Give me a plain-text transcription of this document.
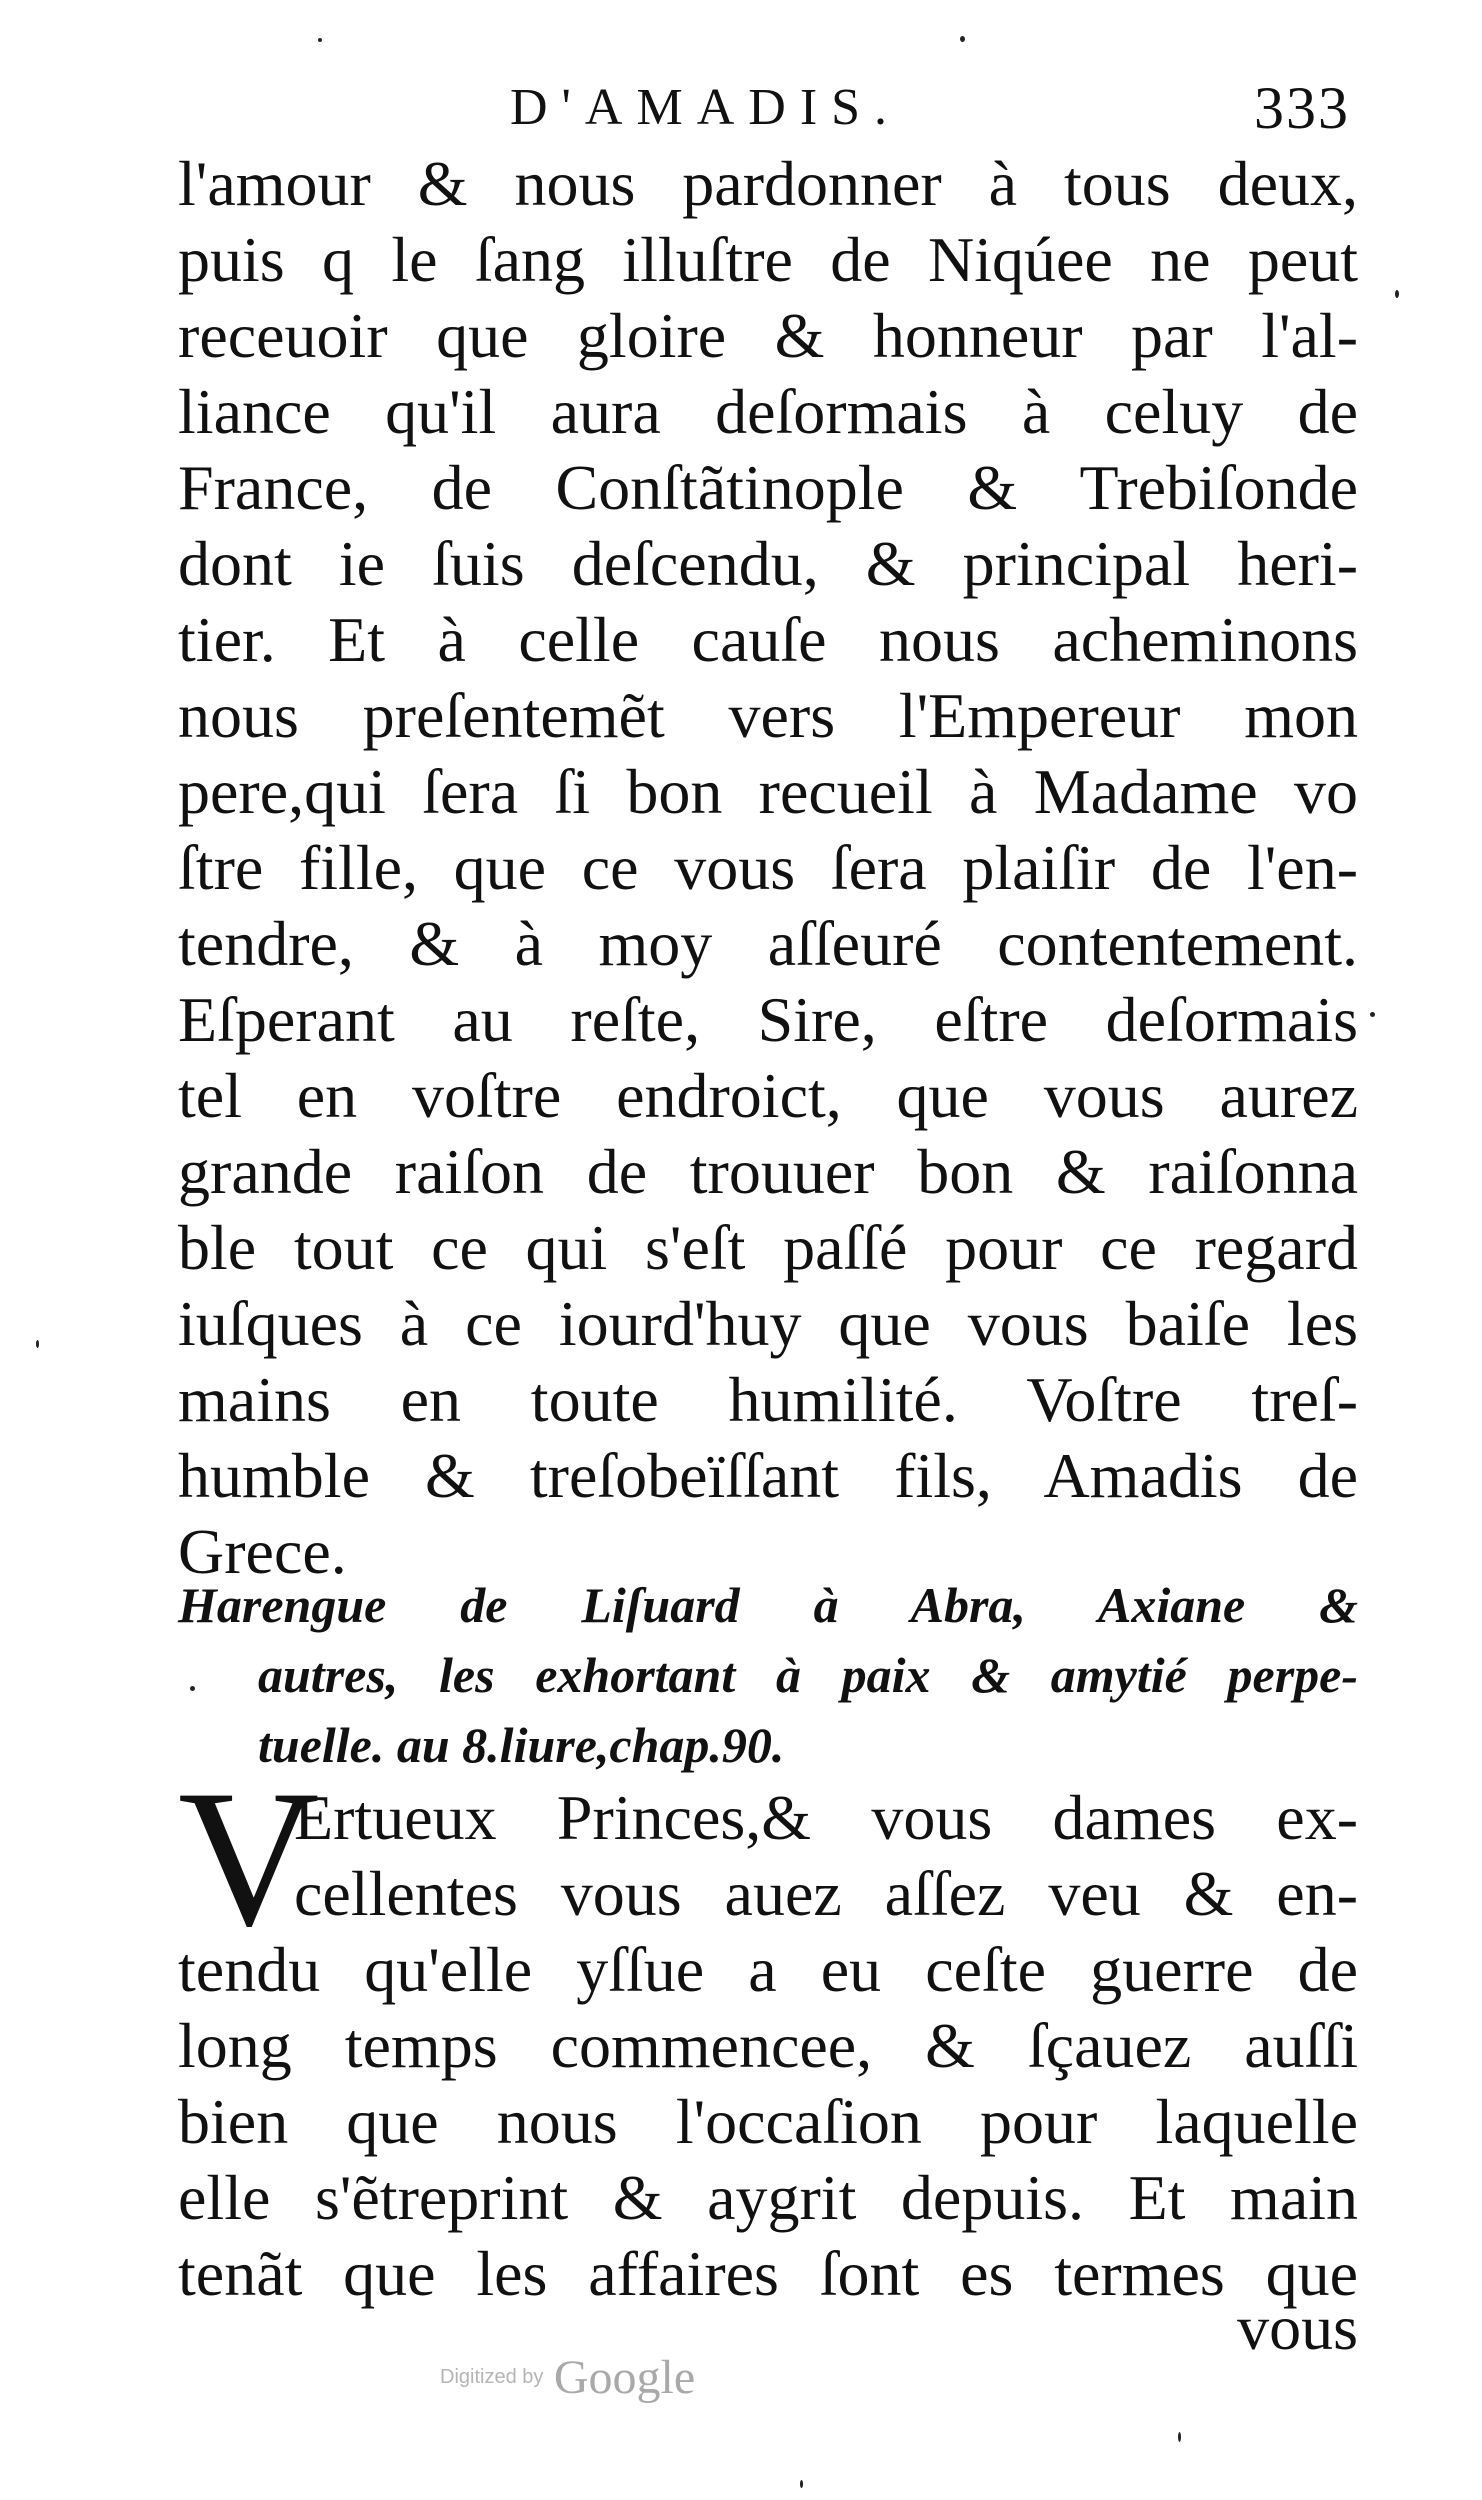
D'AMADIS.	333
l'amour & nous pardonner à tous deux,
puis q le ſang illuſtre de Niqúee ne peut
receuoir que gloire & honneur par l'al-
liance qu'il aura deſormais à celuy de
France, de Conſtãtinople & Trebiſonde
dont ie ſuis deſcendu, & principal heri-
tier. Et à celle cauſe nous acheminons
nous preſentemẽt vers l'Empereur mon
pere,qui ſera ſi bon recueil à Madame vo
ſtre fille, que ce vous ſera plaiſir de l'en-
tendre, & à moy aſſeuré contentement.
Eſperant au reſte, Sire, eſtre deſormais
tel en voſtre endroict, que vous aurez
grande raiſon de trouuer bon & raiſonna
ble tout ce qui s'eſt paſſé pour ce regard
iuſques à ce iourd'huy que vous baiſe les
mains en toute humilité. Voſtre treſ-
humble & treſobeïſſant fils, Amadis de
Grece.
Harengue de Liſuard à Abra, Axiane &
autres, les exhortant à paix & amytié perpe-
tuelle. au 8.liure,chap.90.
V
Ertueux Princes,& vous dames ex-
cellentes vous auez aſſez veu & en-
tendu qu'elle yſſue a eu ceſte guerre de
long temps commencee, & ſçauez auſſi
bien que nous l'occaſion pour laquelle
elle s'ẽtreprint & aygrit depuis. Et main
tenãt que les affaires ſont es termes que
vous
Digitized by Google
